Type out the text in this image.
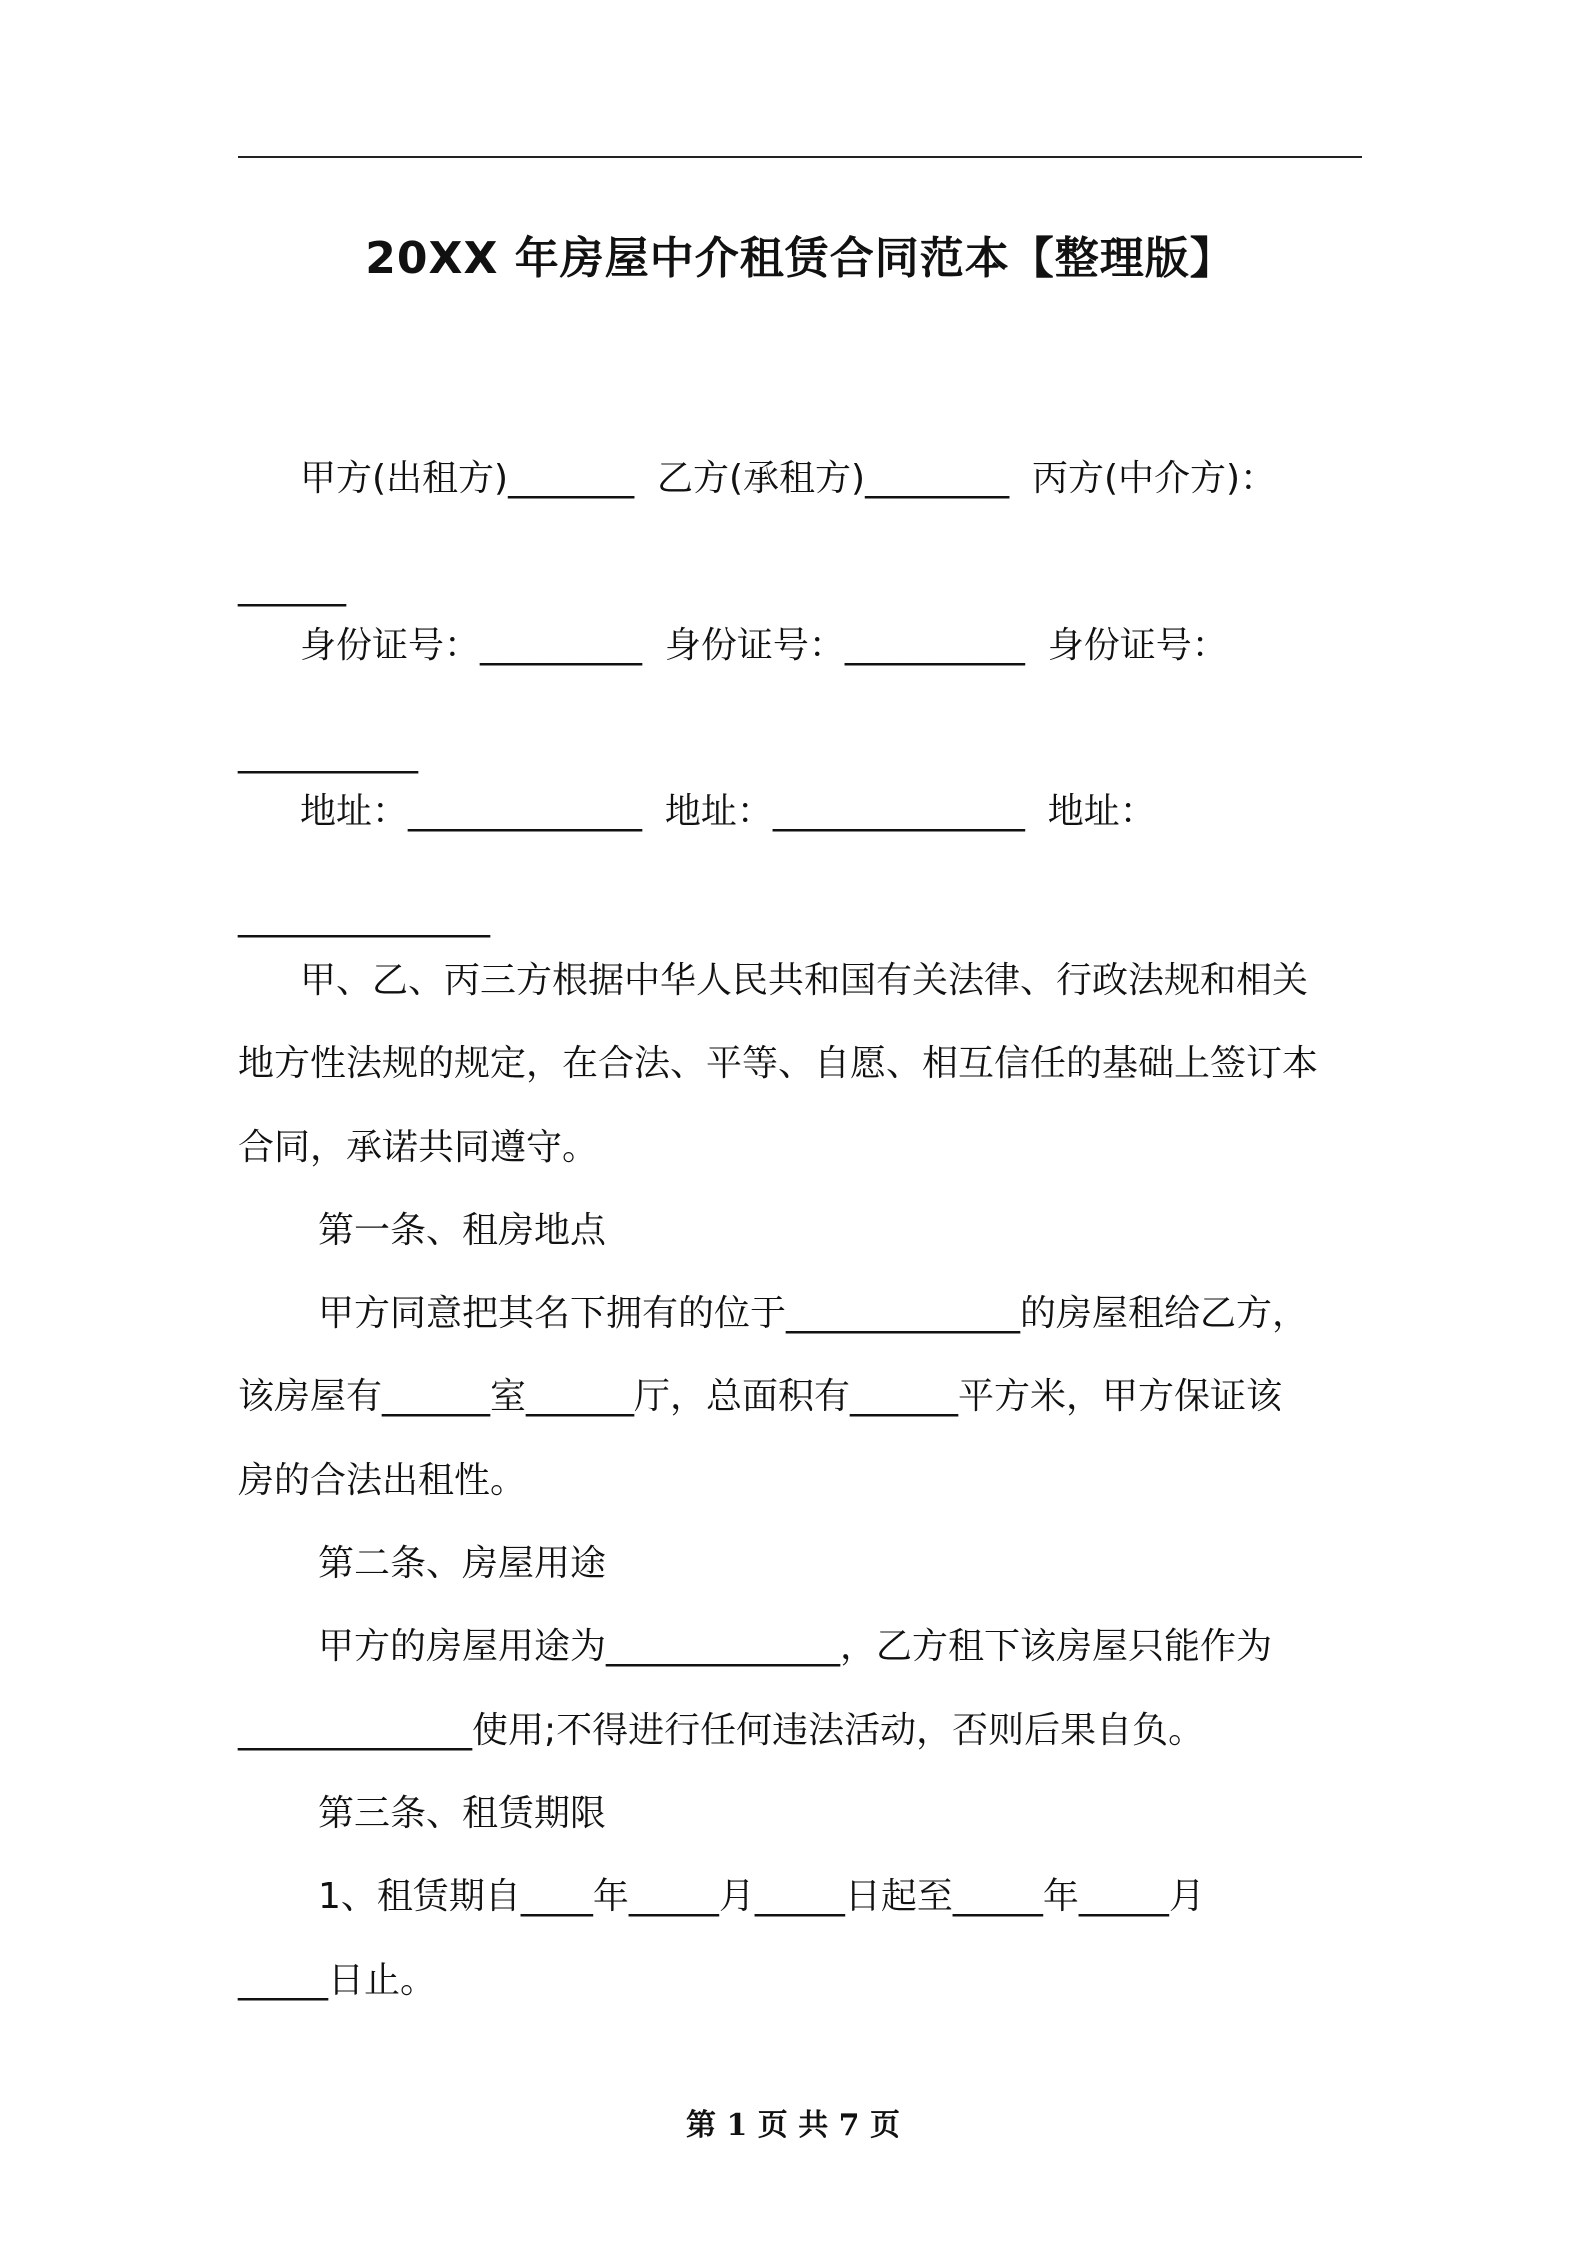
20XX 年房屋中介租赁合同范本【整理版】
甲方(出租方)_______  乙方(承租方)________  丙方(中介方)：
______
身份证号：_________  身份证号：__________  身份证号：
__________
地址：_____________  地址：______________  地址：
______________
甲、乙、丙三方根据中华人民共和国有关法律、行政法规和相关
地方性法规的规定，在合法、平等、自愿、相互信任的基础上签订本
合同，承诺共同遵守。
第一条、租房地点
甲方同意把其名下拥有的位于_____________的房屋租给乙方，
该房屋有______室______厅，总面积有______平方米，甲方保证该
房的合法出租性。
第二条、房屋用途
甲方的房屋用途为_____________，乙方租下该房屋只能作为
_____________使用;不得进行任何违法活动，否则后果自负。
第三条、租赁期限
1、租赁期自____年_____月_____日起至_____年_____月
_____日止。
第 1 页 共 7 页
